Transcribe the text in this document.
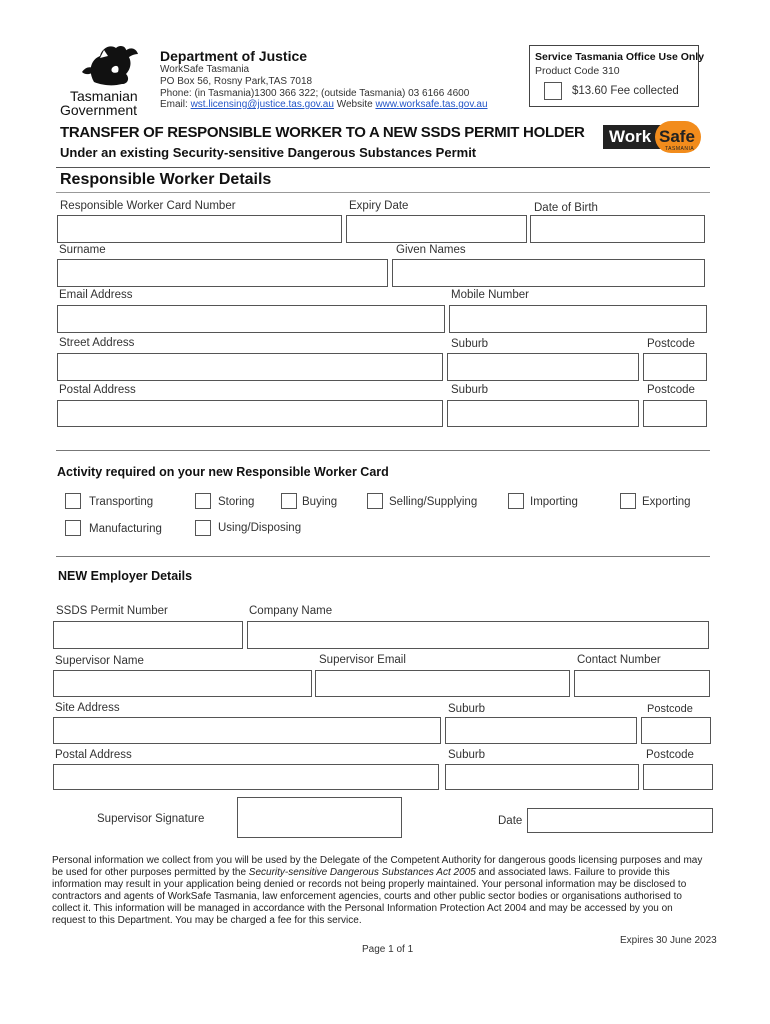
Tasmanian
Government
Department of Justice
WorkSafe Tasmania
PO Box 56, Rosny Park,TAS 7018
Phone: (in Tasmania)1300 366 322; (outside Tasmania) 03 6166 4600
Email: wst.licensing@justice.tas.gov.au Website www.worksafe.tas.gov.au
Service Tasmania Office Use Only
Product Code 310
$13.60 Fee collected
TRANSFER OF RESPONSIBLE WORKER TO A NEW SSDS PERMIT HOLDER
Under an existing Security-sensitive Dangerous Substances Permit
Work Safe
TASMANIA
Responsible Worker Details
Responsible Worker Card Number	Expiry Date	Date of Birth
Surname	Given Names
Email Address	Mobile Number
Street Address	Suburb	Postcode
Postal Address	Suburb	Postcode
Activity required on your new Responsible Worker Card
Transporting	Storing	Buying	Selling/Supplying	Importing	Exporting
Manufacturing	Using/Disposing
NEW Employer Details
SSDS Permit Number	Company Name
Supervisor Name	Supervisor Email	Contact Number
Site Address	Suburb	Postcode
Postal Address	Suburb	Postcode
Supervisor Signature	Date
Personal information we collect from you will be used by the Delegate of the Competent Authority for dangerous goods licensing purposes and may be used for other purposes permitted by the Security-sensitive Dangerous Substances Act 2005 and associated laws. Failure to provide this information may result in your application being denied or records not being properly maintained. Your personal information may be disclosed to contractors and agents of WorkSafe Tasmania, law enforcement agencies, courts and other public sector bodies or organisations authorised to collect it. This information will be managed in accordance with the Personal Information Protection Act 2004 and may be accessed by you on request to this Department. You may be charged a fee for this service.
Expires 30 June 2023
Page 1 of 1
